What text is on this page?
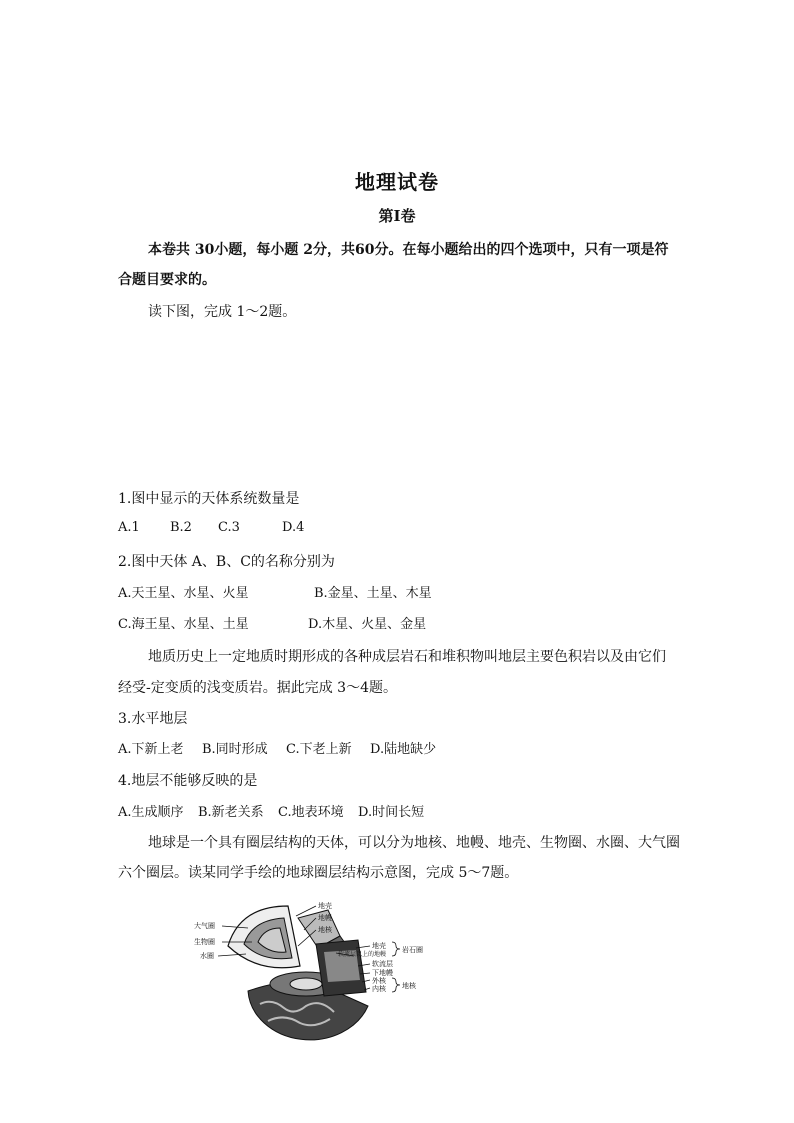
地理试卷
第Ⅰ卷
本卷共 30小题，每小题 2分，共60分。在每小题给出的四个选项中，只有一项是符
合题目要求的。
读下图，完成 1～2题。
1.图中显示的天体系统数量是
A.1 B.2 C.3	D.4
2.图中天体 A、B、C的名称分别为
A.天王星、水星、火星	B.金星、土星、木星
C.海王星、水星、土星	D.木星、火星、金星
地质历史上一定地质时期形成的各种成层岩石和堆积物叫地层主要色积岩以及由它们
经受-定变质的浅变质岩。据此完成 3～4题。
3.水平地层
A.下新上老 B.同时形成 C.下老上新 D.陆地缺少
4.地层不能够反映的是
A.生成顺序 B.新老关系 C.地表环境 D.时间长短
地球是一个具有圈层结构的天体，可以分为地核、地幔、地壳、生物圈、水圈、大气圈
六个圈层。读某同学手绘的地球圈层结构示意图，完成 5～7题。
大气圈
生物圈
水圈
地壳
地幔
地核
地壳
软流层以上的地幔
软流层
下地幔
外核
内核
岩石圈
地核
